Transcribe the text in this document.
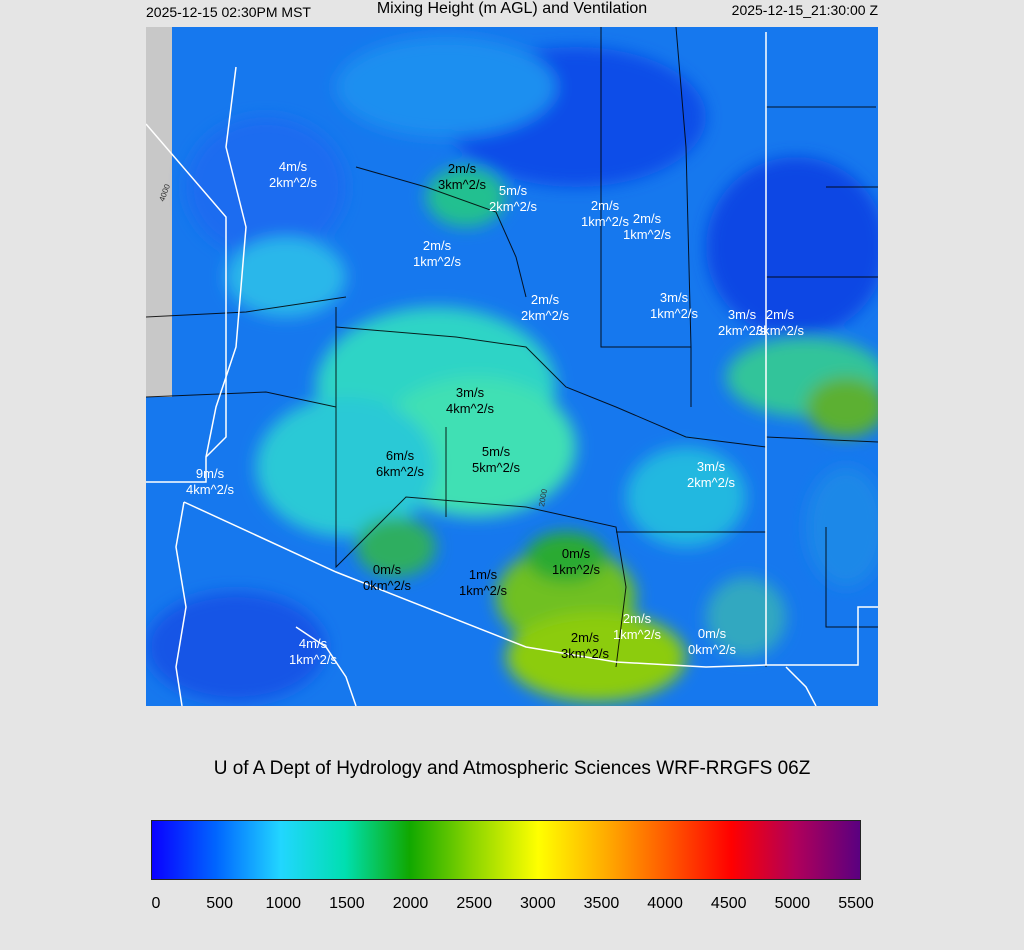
2025-12-15 02:30PM MST	Mixing Height (m AGL) and Ventilation	2025-12-15_21:30:00 Z
4000
2000
4m/s
2km^2/s
2m/s
3km^2/s 5m/s
2km^2/s	2m/s
1km^2/s 2m/s
1km^2/s
2m/s
1km^2/s
2m/s
2km^2/s
3m/s
1km^2/s	3m/s
2km^2/s
2m/s
3km^2/s
3m/s
4km^2/s
6m/s
6km^2/s
5m/s
5km^2/s
9m/s
4km^2/s
3m/s
2km^2/s
0m/s
0km^2/s
1m/s
1km^2/s
0m/s
1km^2/s
2m/s
1km^2/s
2m/s
3km^2/s
0m/s
0km^2/s
4m/s
1km^2/s
U of A Dept of Hydrology and Atmospheric Sciences WRF-RRGFS 06Z
0	500 1000 1500 2000 2500 3000 3500 4000 4500 5000 5500
